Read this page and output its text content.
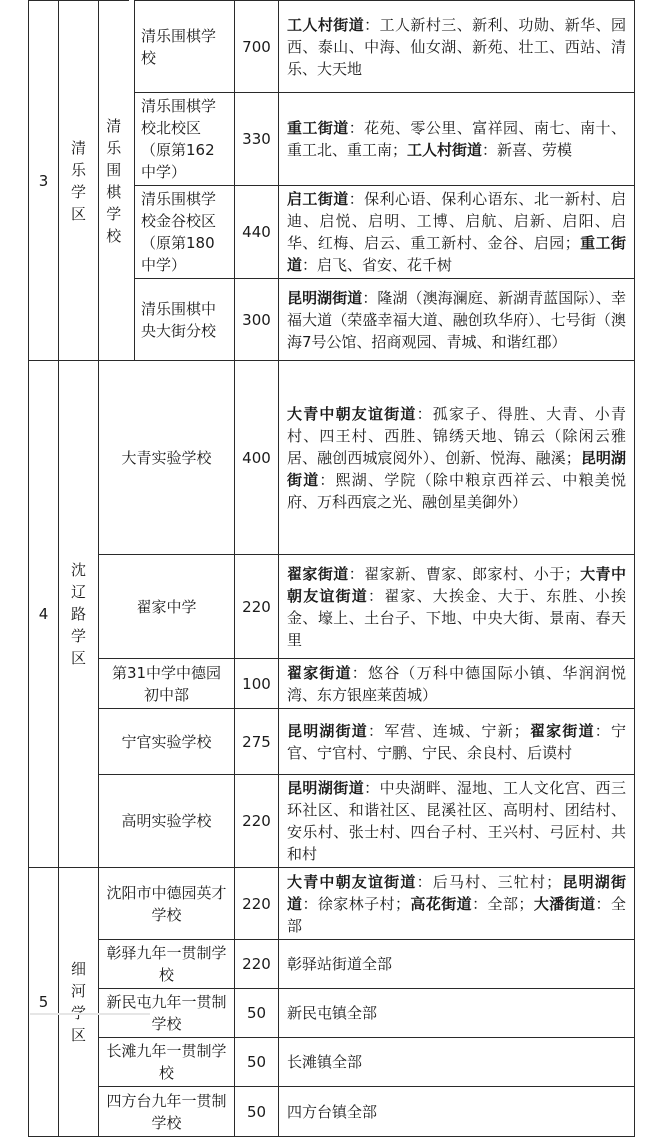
3	清乐学区	清乐围棋学校		清乐围棋学校	700	工人村街道：工人新村三、新利、功勋、新华、园西、泰山、中海、仙女湖、新苑、壮工、西站、清乐、大天地
				清乐围棋学校北校区（原第162中学）	330	重工街道：花苑、零公里、富祥园、南七、南十、重工北、重工南；工人村街道：新喜、劳模
				清乐围棋学校金谷校区（原第180中学）	440	启工街道：保利心语、保利心语东、北一新村、启迪、启悦、启明、工博、启航、启新、启阳、启华、红梅、启云、重工新村、金谷、启园；重工街道：启飞、省安、花千树
				清乐围棋中央大街分校	300	昆明湖街道：隆湖（澳海澜庭、新湖青蓝国际）、幸福大道（荣盛幸福大道、融创玖华府）、七号街（澳海7号公馆、招商观园、青城、和谐红郡）
4	沈辽路学区	大青实验学校			400	大青中朝友谊街道：孤家子、得胜、大青、小青村、四王村、西胜、锦绣天地、锦云（除闲云雅居、融创西城宸阅外）、创新、悦海、融溪；昆明湖街道：熙湖、学院（除中粮京西祥云、中粮美悦府、万科西宸之光、融创星美御外）
		翟家中学			220	翟家街道：翟家新、曹家、郎家村、小于；大青中朝友谊街道：翟家、大挨金、大于、东胜、小挨金、壕上、土台子、下地、中央大街、景南、春天里
		第31中学中德园初中部			100	翟家街道：悠谷（万科中德国际小镇、华润润悦湾、东方银座莱茵城）
		宁官实验学校			275	昆明湖街道：军营、连城、宁新；翟家街道：宁官、宁官村、宁鹏、宁民、余良村、后谟村
		高明实验学校			220	昆明湖街道：中央湖畔、湿地、工人文化宫、西三环社区、和谐社区、昆溪社区、高明村、团结村、安乐村、张士村、四台子村、王兴村、弓匠村、共和村
5	细河学区	沈阳市中德园英才学校			220	大青中朝友谊街道：后马村、三牤村；昆明湖街道：徐家林子村；高花街道：全部；大潘街道：全部
		彰驿九年一贯制学校			220	彰驿站街道全部
		新民屯九年一贯制学校			50	新民屯镇全部
		长滩九年一贯制学校			50	长滩镇全部
		四方台九年一贯制学校			50	四方台镇全部
